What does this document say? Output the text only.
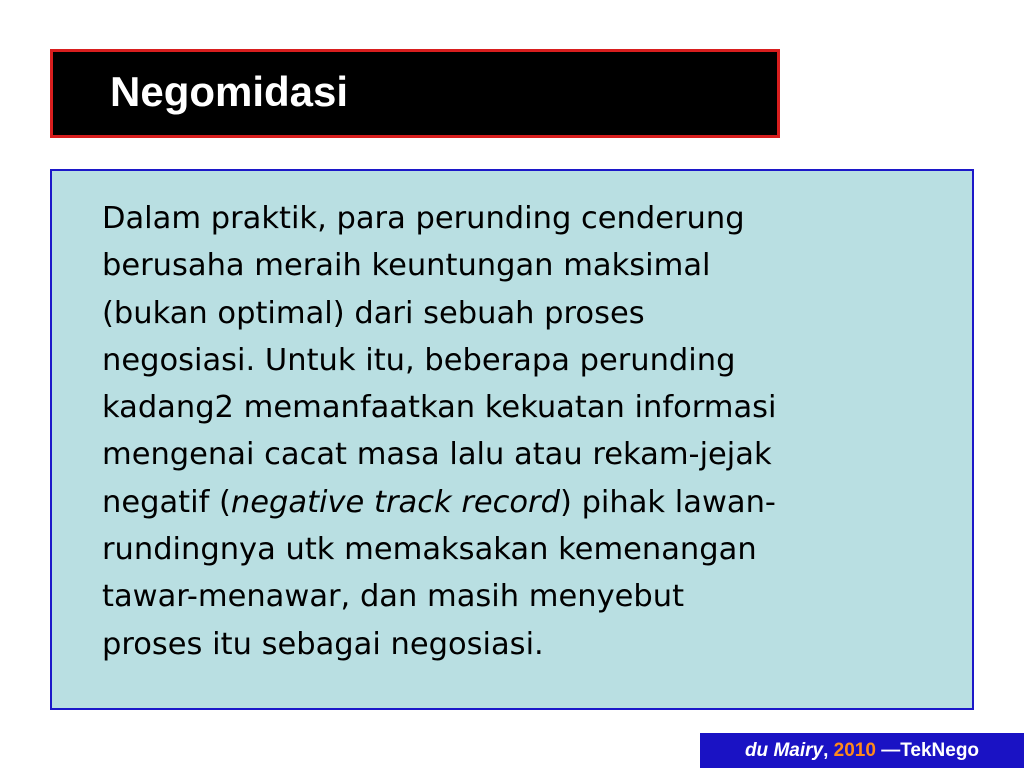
Negomidasi

Dalam praktik, para perunding cenderung
berusaha meraih keuntungan maksimal
(bukan optimal) dari sebuah proses
negosiasi. Untuk itu, beberapa perunding
kadang2 memanfaatkan kekuatan informasi
mengenai cacat masa lalu atau rekam-jejak
negatif (negative track record) pihak lawan-
rundingnya utk memaksakan kemenangan
tawar-menawar, dan masih menyebut
proses itu sebagai negosiasi.

du Mairy, 2010 —TekNego
